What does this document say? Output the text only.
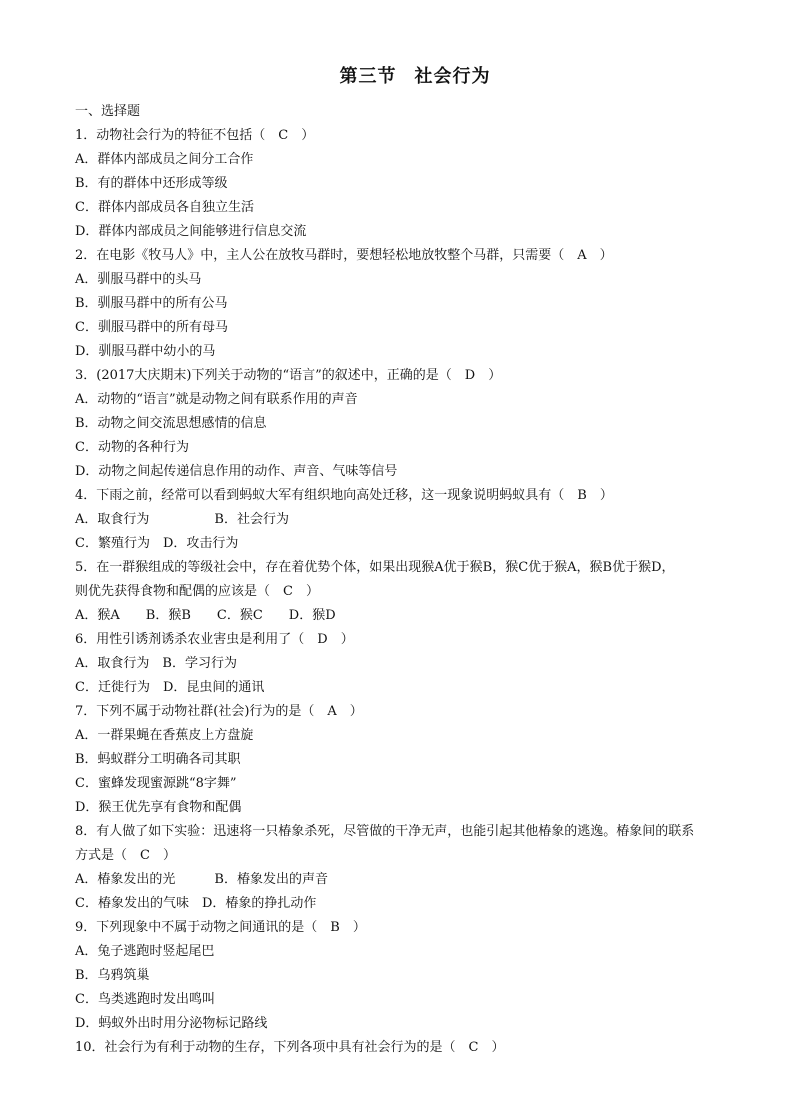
第三节 社会行为
一、选择题
1．动物社会行为的特征不包括（　C　）
A．群体内部成员之间分工合作
B．有的群体中还形成等级
C．群体内部成员各自独立生活
D．群体内部成员之间能够进行信息交流
2．在电影《牧马人》中，主人公在放牧马群时，要想轻松地放牧整个马群，只需要（　A　）
A．驯服马群中的头马
B．驯服马群中的所有公马
C．驯服马群中的所有母马
D．驯服马群中幼小的马
3．(2017大庆期末)下列关于动物的“语言”的叙述中，正确的是（　D　）
A．动物的“语言”就是动物之间有联系作用的声音
B．动物之间交流思想感情的信息
C．动物的各种行为
D．动物之间起传递信息作用的动作、声音、气味等信号
4．下雨之前，经常可以看到蚂蚁大军有组织地向高处迁移，这一现象说明蚂蚁具有（　B　）
A．取食行为　　　　　B．社会行为
C．繁殖行为　D．攻击行为
5．在一群猴组成的等级社会中，存在着优势个体，如果出现猴A优于猴B，猴C优于猴A，猴B优于猴D，
则优先获得食物和配偶的应该是（　C　）
A．猴A　　B．猴B　　C．猴C　　D．猴D
6．用性引诱剂诱杀农业害虫是利用了（　D　）
A．取食行为　B．学习行为
C．迁徙行为　D．昆虫间的通讯
7．下列不属于动物社群(社会)行为的是（　A　）
A．一群果蝇在香蕉皮上方盘旋
B．蚂蚁群分工明确各司其职
C．蜜蜂发现蜜源跳“8字舞”
D．猴王优先享有食物和配偶
8．有人做了如下实验：迅速将一只椿象杀死，尽管做的干净无声，也能引起其他椿象的逃逸。椿象间的联系
方式是（　C　）
A．椿象发出的光　　　B．椿象发出的声音
C．椿象发出的气味　D．椿象的挣扎动作
9．下列现象中不属于动物之间通讯的是（　B　）
A．兔子逃跑时竖起尾巴
B．乌鸦筑巢
C．鸟类逃跑时发出鸣叫
D．蚂蚁外出时用分泌物标记路线
10．社会行为有利于动物的生存，下列各项中具有社会行为的是（　C　）
